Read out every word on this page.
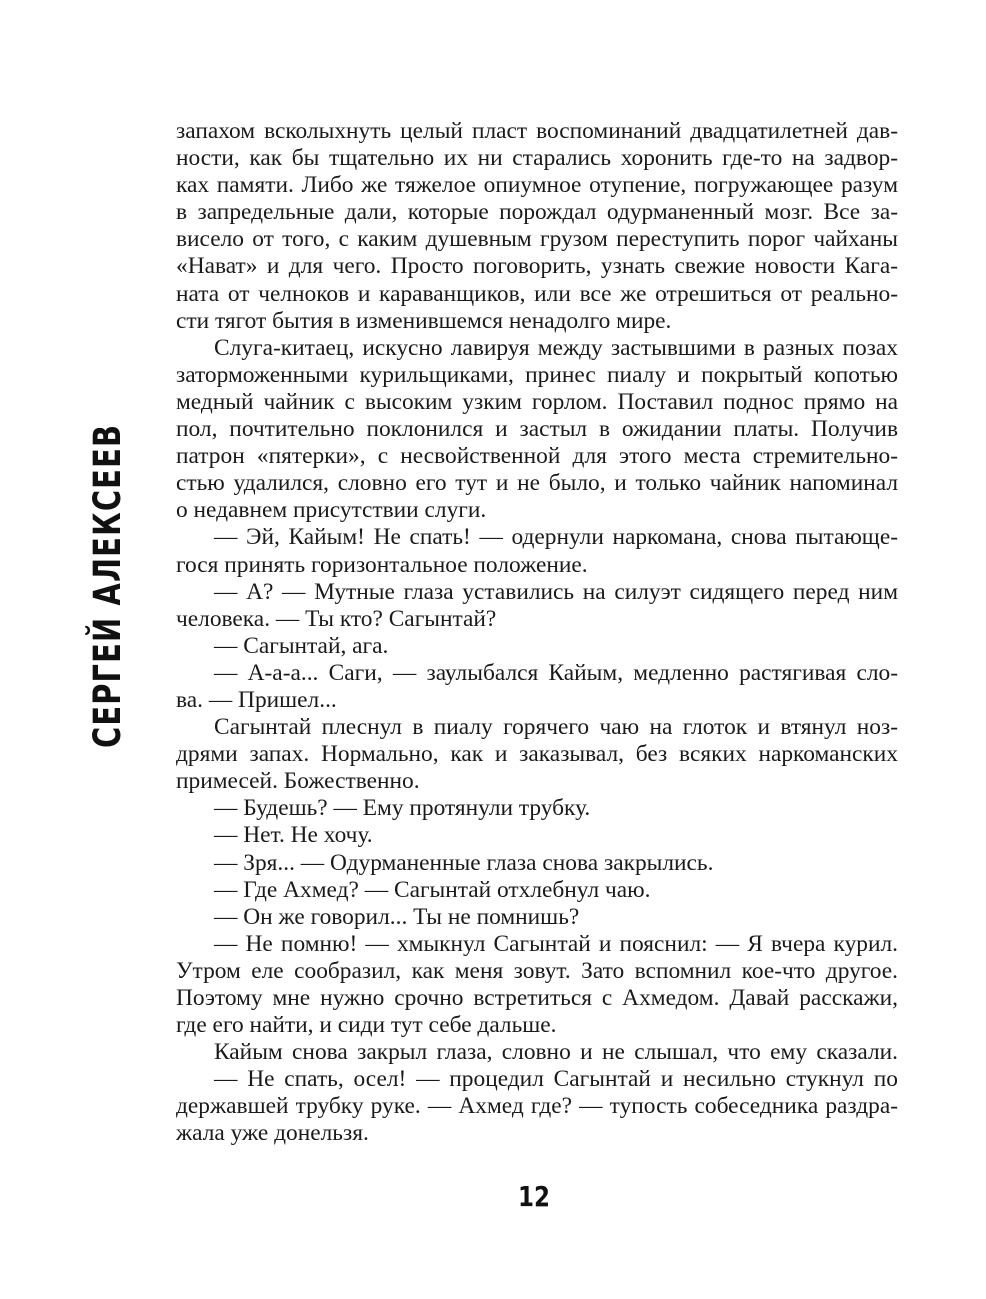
СЕРГЕЙ АЛЕКСЕЕВ
запахом всколыхнуть целый пласт воспоминаний двадцатилетней дав-
ности, как бы тщательно их ни старались хоронить где-то на задвор-
ках памяти. Либо же тяжелое опиумное отупение, погружающее разум
в запредельные дали, которые порождал одурманенный мозг. Все за-
висело от того, с каким душевным грузом переступить порог чайханы
«Нават» и для чего. Просто поговорить, узнать свежие новости Кага-
ната от челноков и караванщиков, или все же отрешиться от реально-
сти тягот бытия в изменившемся ненадолго мире.
Слуга-китаец, искусно лавируя между застывшими в разных позах
заторможенными курильщиками, принес пиалу и покрытый копотью
медный чайник с высоким узким горлом. Поставил поднос прямо на
пол, почтительно поклонился и застыл в ожидании платы. Получив
патрон «пятерки», с несвойственной для этого места стремительно-
стью удалился, словно его тут и не было, и только чайник напоминал
о недавнем присутствии слуги.
— Эй, Кайым! Не спать! — одернули наркомана, снова пытающе-
гося принять горизонтальное положение.
— А? — Мутные глаза уставились на силуэт сидящего перед ним
человека. — Ты кто? Сагынтай?
— Сагынтай, ага.
— А-а-а... Саги, — заулыбался Кайым, медленно растягивая сло-
ва. — Пришел...
Сагынтай плеснул в пиалу горячего чаю на глоток и втянул ноз-
дрями запах. Нормально, как и заказывал, без всяких наркоманских
примесей. Божественно.
— Будешь? — Ему протянули трубку.
— Нет. Не хочу.
— Зря... — Одурманенные глаза снова закрылись.
— Где Ахмед? — Сагынтай отхлебнул чаю.
— Он же говорил... Ты не помнишь?
— Не помню! — хмыкнул Сагынтай и пояснил: — Я вчера курил.
Утром еле сообразил, как меня зовут. Зато вспомнил кое-что другое.
Поэтому мне нужно срочно встретиться с Ахмедом. Давай расскажи,
где его найти, и сиди тут себе дальше.
Кайым снова закрыл глаза, словно и не слышал, что ему сказали.
— Не спать, осел! — процедил Сагынтай и несильно стукнул по
державшей трубку руке. — Ахмед где? — тупость собеседника раздра-
жала уже донельзя.
12
